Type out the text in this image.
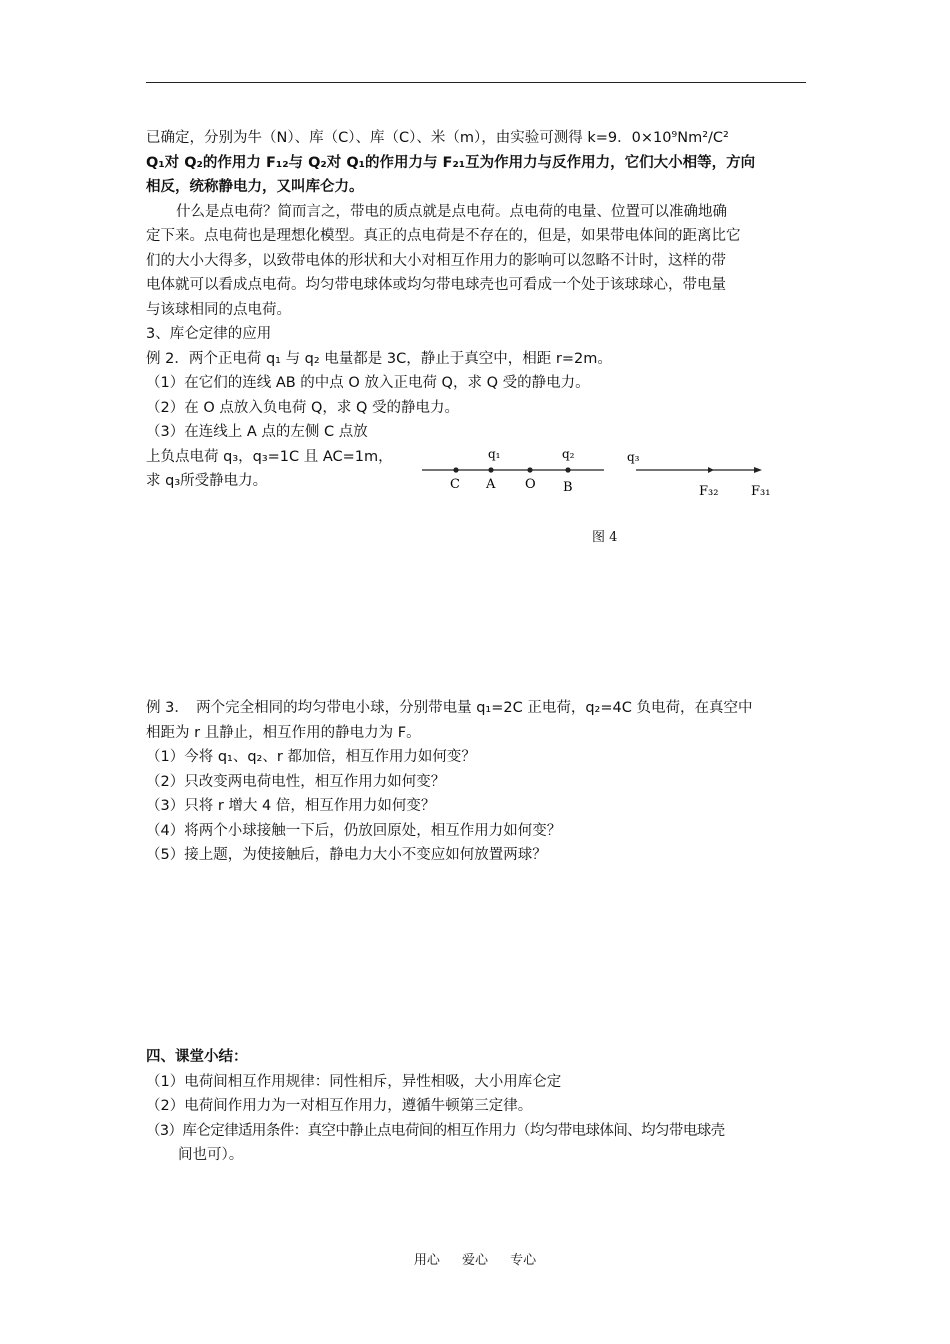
已确定，分别为牛（N）、库（C）、库（C）、米（m），由实验可测得 k=9．0×10⁹Nm²/C²
Q₁对 Q₂的作用力 F₁₂与 Q₂对 Q₁的作用力与 F₂₁互为作用力与反作用力，它们大小相等，方向
相反，统称静电力，又叫库仑力。
什么是点电荷？简而言之，带电的质点就是点电荷。点电荷的电量、位置可以准确地确
定下来。点电荷也是理想化模型。真正的点电荷是不存在的，但是，如果带电体间的距离比它
们的大小大得多，以致带电体的形状和大小对相互作用力的影响可以忽略不计时，这样的带
电体就可以看成点电荷。均匀带电球体或均匀带电球壳也可看成一个处于该球球心，带电量
与该球相同的点电荷。
3、库仑定律的应用
例 2．两个正电荷 q₁ 与 q₂ 电量都是 3C，静止于真空中，相距 r=2m。
（1）在它们的连线 AB 的中点 O 放入正电荷 Q，求 Q 受的静电力。
（2）在 O 点放入负电荷 Q，求 Q 受的静电力。
（3）在连线上 A 点的左侧 C 点放
上负点电荷 q₃，q₃=1C 且 AC=1m，
求 q₃所受静电力。
q₁	q₂
C A O B
q₃
F₃₂	F₃₁
图 4
例 3．　两个完全相同的均匀带电小球，分别带电量 q₁=2C 正电荷，q₂=4C 负电荷，在真空中
相距为 r 且静止，相互作用的静电力为 F。
（1）今将 q₁、q₂、r 都加倍，相互作用力如何变？
（2）只改变两电荷电性，相互作用力如何变？
（3）只将 r 增大 4 倍，相互作用力如何变？
（4）将两个小球接触一下后，仍放回原处，相互作用力如何变？
（5）接上题，为使接触后，静电力大小不变应如何放置两球？
四、课堂小结：
（1）电荷间相互作用规律：同性相斥，异性相吸，大小用库仑定
（2）电荷间作用力为一对相互作用力，遵循牛顿第三定律。
（3）库仑定律适用条件：真空中静止点电荷间的相互作用力（均匀带电球体间、均匀带电球壳
间也可）。
用心 爱心 专心
